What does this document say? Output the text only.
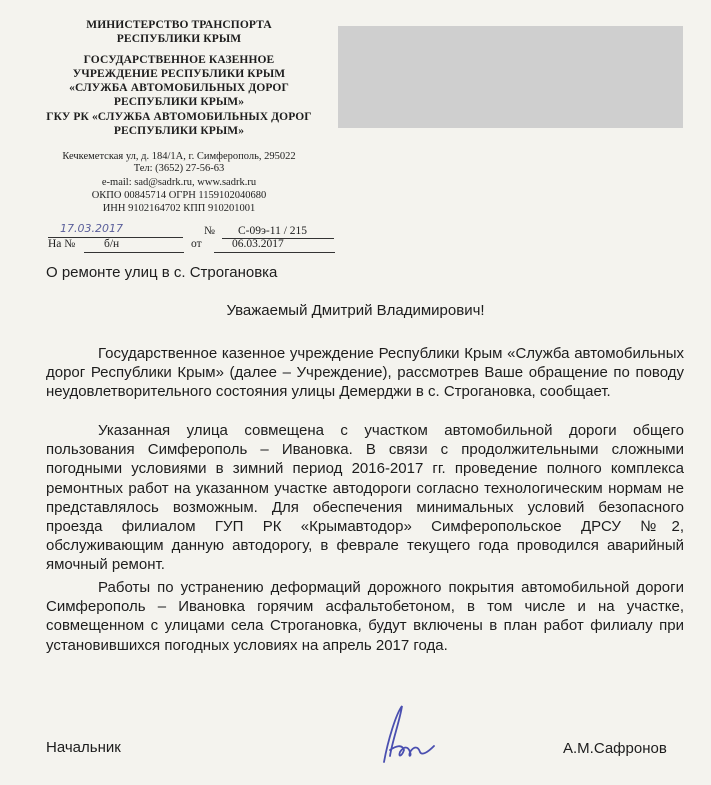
МИНИСТЕРСТВО ТРАНСПОРТА
РЕСПУБЛИКИ КРЫМ
ГОСУДАРСТВЕННОЕ КАЗЕННОЕ
УЧРЕЖДЕНИЕ РЕСПУБЛИКИ КРЫМ
«СЛУЖБА АВТОМОБИЛЬНЫХ ДОРОГ
РЕСПУБЛИКИ КРЫМ»
ГКУ РК «СЛУЖБА АВТОМОБИЛЬНЫХ ДОРОГ
РЕСПУБЛИКИ КРЫМ»
Кечкеметская ул, д. 184/1А, г. Симферополь, 295022
Тел: (3652) 27-56-63
e-mail: sad@sadrk.ru, www.sadrk.ru
ОКПО 00845714 ОГРН 1159102040680
ИНН 9102164702 КПП 910201001
17.03.2017	№ С-09э-11 / 215
На № б/н	от	06.03.2017
О ремонте улиц в с. Строгановка
Уважаемый Дмитрий Владимирович!

Государственное казенное учреждение Республики Крым «Служба автомобильных дорог Республики Крым» (далее – Учреждение), рассмотрев Ваше обращение по поводу неудовлетворительного состояния улицы Демерджи в с. Строгановка, сообщает.

Указанная улица совмещена с участком автомобильной дороги общего пользования Симферополь – Ивановка. В связи с продолжительными сложными погодными условиями в зимний период 2016-2017 гг. проведение полного комплекса ремонтных работ на указанном участке автодороги согласно технологическим нормам не представлялось возможным. Для обеспечения минимальных условий безопасного проезда филиалом ГУП РК «Крымавтодор» Симферопольское ДРСУ №2, обслуживающим данную автодорогу, в феврале текущего года проводился аварийный ямочный ремонт.

Работы по устранению деформаций дорожного покрытия автомобильной дороги Симферополь – Ивановка горячим асфальтобетоном, в том числе и на участке, совмещенном с улицами села Строгановка, будут включены в план работ филиалу при установившихся погодных условиях на апрель 2017 года.

Начальник	А.М.Сафронов
